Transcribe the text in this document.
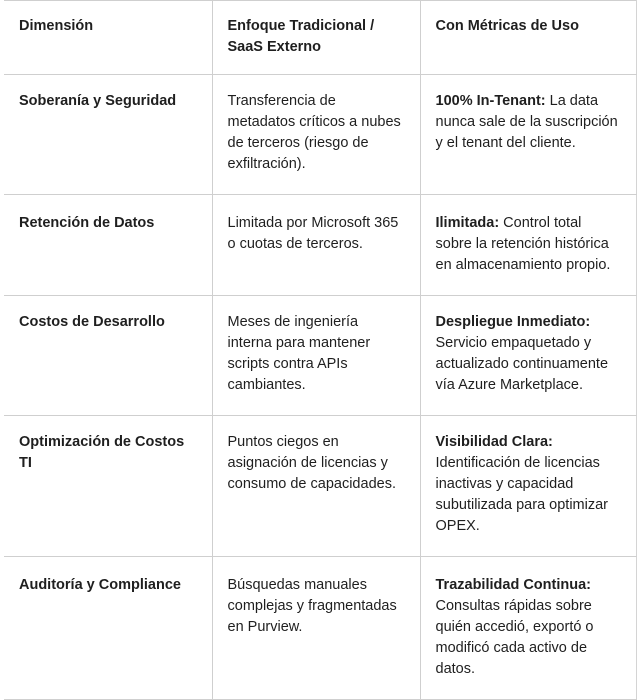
Dimensión	Enfoque Tradicional / SaaS Externo	Con Métricas de Uso
Soberanía y Seguridad	Transferencia de metadatos críticos a nubes de terceros (riesgo de exfiltración).	100% In-Tenant: La data nunca sale de la suscripción y el tenant del cliente.
Retención de Datos	Limitada por Microsoft 365 o cuotas de terceros.	Ilimitada: Control total sobre la retención histórica en almacenamiento propio.
Costos de Desarrollo	Meses de ingeniería interna para mantener scripts contra APIs cambiantes.	Despliegue Inmediato: Servicio empaquetado y actualizado continuamente vía Azure Marketplace.
Optimización de Costos TI	Puntos ciegos en asignación de licencias y consumo de capacidades.	Visibilidad Clara: Identificación de licencias inactivas y capacidad subutilizada para optimizar OPEX.
Auditoría y Compliance	Búsquedas manuales complejas y fragmentadas en Purview.	Trazabilidad Continua: Consultas rápidas sobre quién accedió, exportó o modificó cada activo de datos.
